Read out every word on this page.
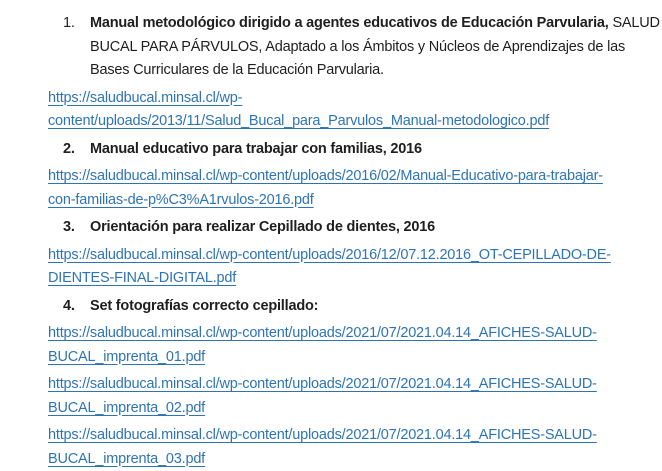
1.	Manual metodológico dirigido a agentes educativos de Educación Parvularia, SALUD
BUCAL PARA PÁRVULOS, Adaptado a los Ámbitos y Núcleos de Aprendizajes de las
Bases Curriculares de la Educación Parvularia.
https://saludbucal.minsal.cl/wp-
content/uploads/2013/11/Salud_Bucal_para_Parvulos_Manual-metodologico.pdf
2.	Manual educativo para trabajar con familias, 2016
https://saludbucal.minsal.cl/wp-content/uploads/2016/02/Manual-Educativo-para-trabajar-
con-familias-de-p%C3%A1rvulos-2016.pdf
3.	Orientación para realizar Cepillado de dientes, 2016
https://saludbucal.minsal.cl/wp-content/uploads/2016/12/07.12.2016_OT-CEPILLADO-DE-
DIENTES-FINAL-DIGITAL.pdf
4.	Set fotografías correcto cepillado:
https://saludbucal.minsal.cl/wp-content/uploads/2021/07/2021.04.14_AFICHES-SALUD-
BUCAL_imprenta_01.pdf
https://saludbucal.minsal.cl/wp-content/uploads/2021/07/2021.04.14_AFICHES-SALUD-
BUCAL_imprenta_02.pdf
https://saludbucal.minsal.cl/wp-content/uploads/2021/07/2021.04.14_AFICHES-SALUD-
BUCAL_imprenta_03.pdf
